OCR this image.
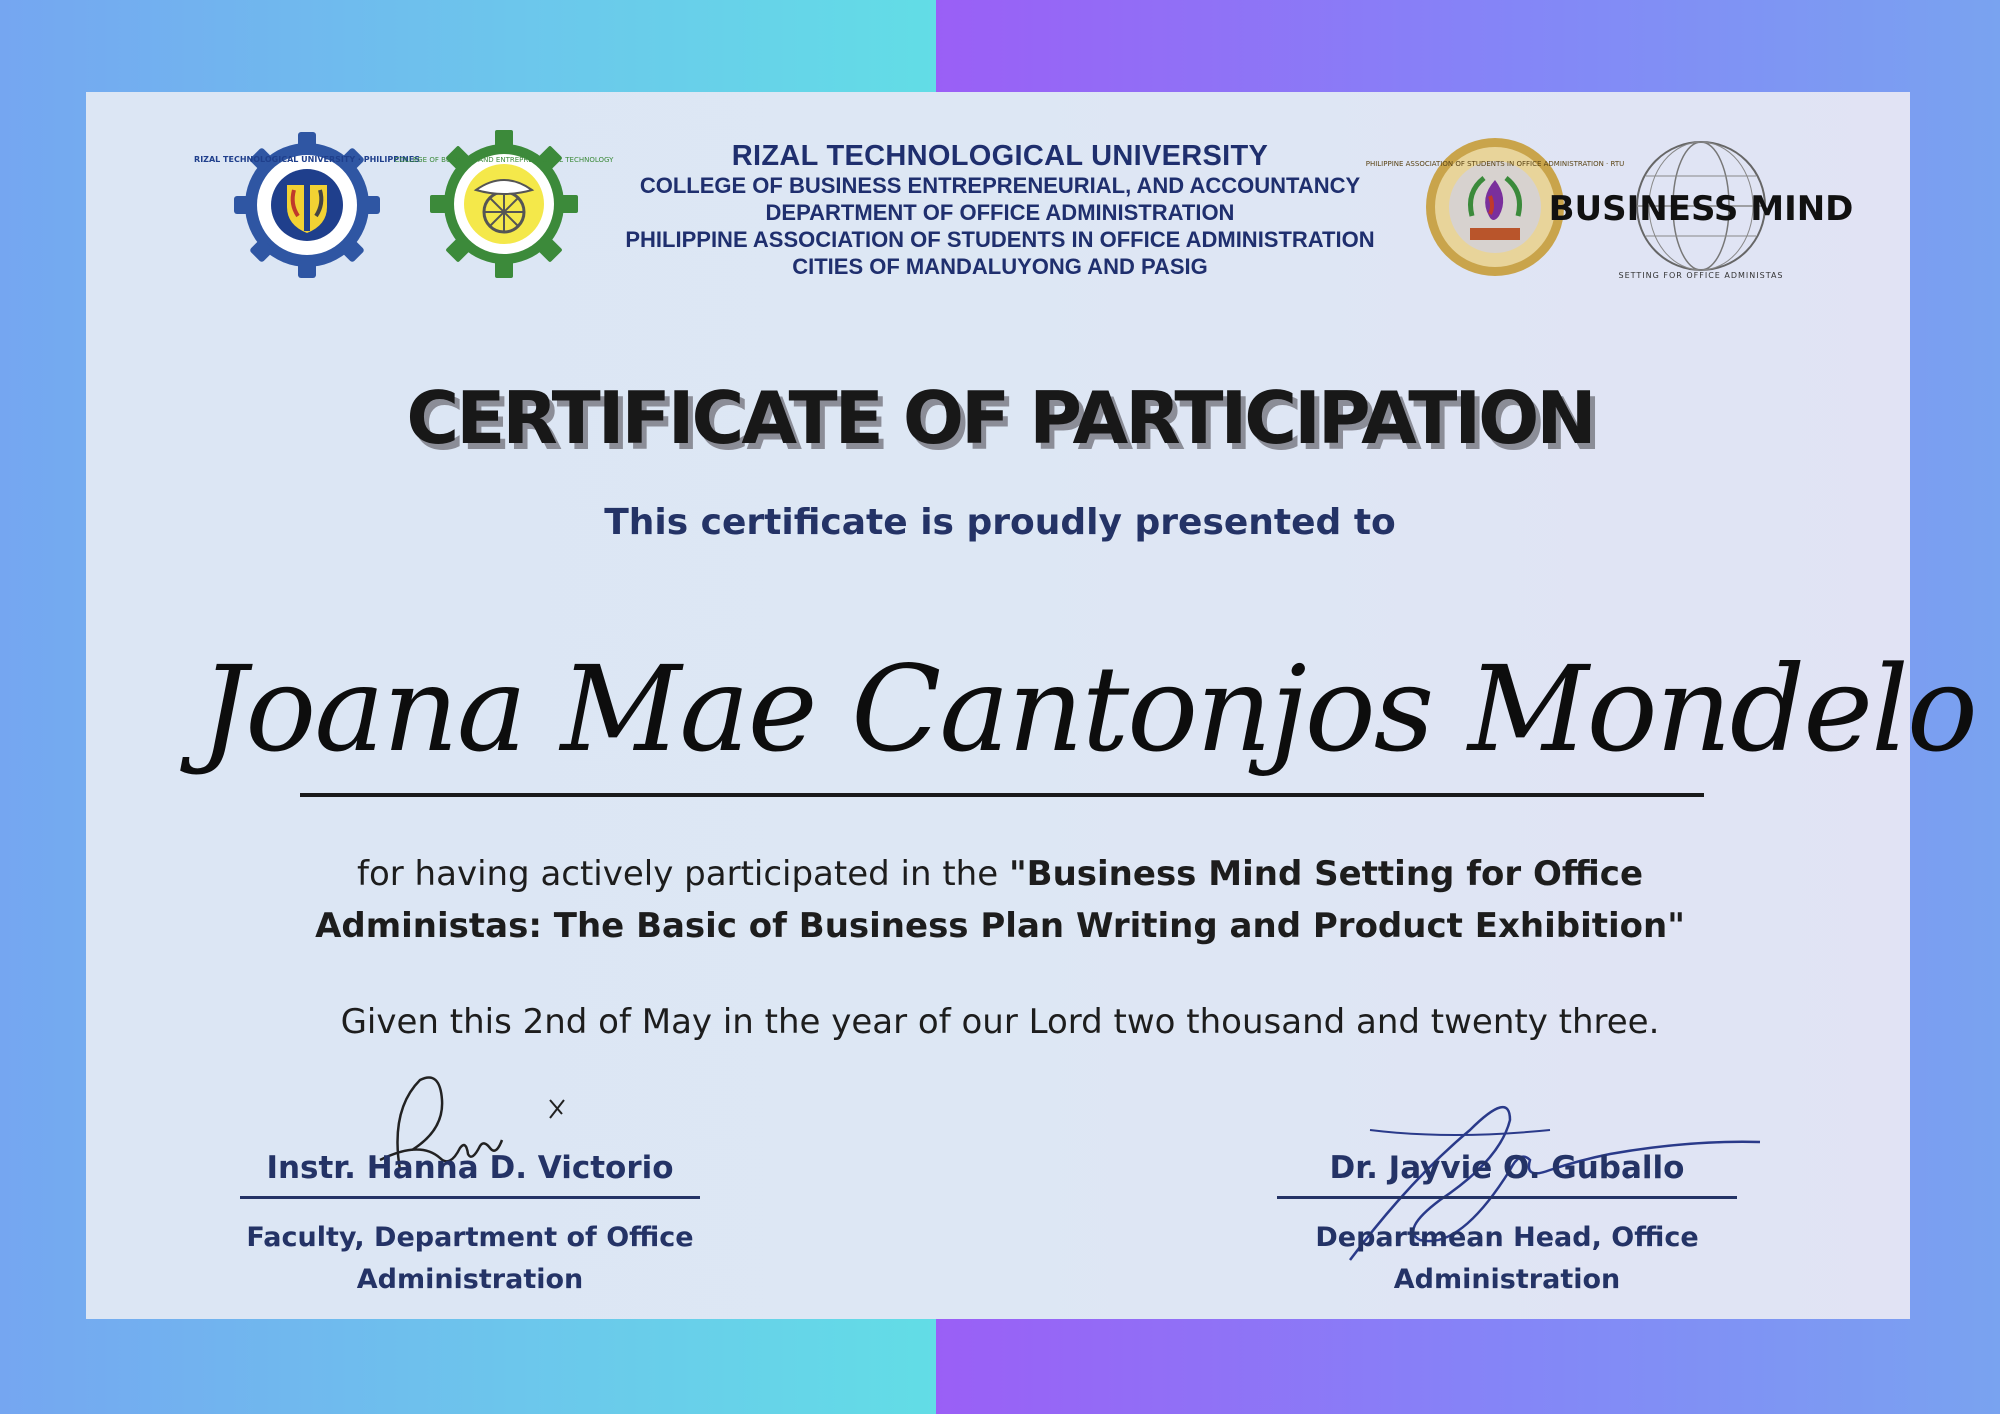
RIZAL TECHNOLOGICAL UNIVERSITY · PHILIPPINES
COLLEGE OF BUSINESS AND ENTREPRENEURIAL TECHNOLOGY	RIZAL TECHNOLOGICAL UNIVERSITY
COLLEGE OF BUSINESS ENTREPRENEURIAL, AND ACCOUNTANCY
DEPARTMENT OF OFFICE ADMINISTRATION
PHILIPPINE ASSOCIATION OF STUDENTS IN OFFICE ADMINISTRATION
CITIES OF MANDALUYONG AND PASIG
PHILIPPINE ASSOCIATION OF STUDENTS IN OFFICE ADMINISTRATION · RTU
BUSINESS MIND
SETTING FOR OFFICE ADMINISTAS
CERTIFICATE OF PARTICIPATION
This certificate is proudly presented to
Joana Mae Cantonjos Mondelo
for having actively participated in the "Business Mind Setting for Office Administas: The Basic of Business Plan Writing and Product Exhibition"
Given this 2nd of May in the year of our Lord two thousand and twenty three.
Instr. Hanna D. Victorio
Faculty, Department of Office Administration
Dr. Jayvie O. Guballo
Departmean Head, Office Administration
